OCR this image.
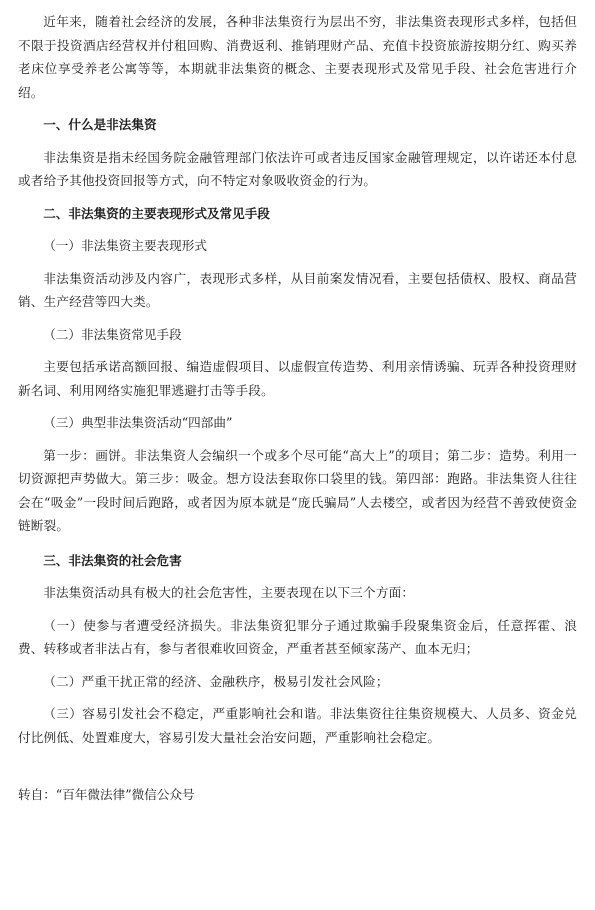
近年来，随着社会经济的发展，各种非法集资行为层出不穷，非法集资表现形式多样，包括但不限于投资酒店经营权并付租回购、消费返利、推销理财产品、充值卡投资旅游按期分红、购买养老床位享受养老公寓等等，本期就非法集资的概念、主要表现形式及常见手段、社会危害进行介绍。

一、什么是非法集资

非法集资是指未经国务院金融管理部门依法许可或者违反国家金融管理规定，以许诺还本付息或者给予其他投资回报等方式，向不特定对象吸收资金的行为。

二、非法集资的主要表现形式及常见手段

（一）非法集资主要表现形式

非法集资活动涉及内容广，表现形式多样，从目前案发情况看，主要包括债权、股权、商品营销、生产经营等四大类。

（二）非法集资常见手段

主要包括承诺高额回报、编造虚假项目、以虚假宣传造势、利用亲情诱骗、玩弄各种投资理财新名词、利用网络实施犯罪逃避打击等手段。

（三）典型非法集资活动“四部曲”

第一步：画饼。非法集资人会编织一个或多个尽可能“高大上”的项目；第二步：造势。利用一切资源把声势做大。第三步：吸金。想方设法套取你口袋里的钱。第四部：跑路。非法集资人往往会在“吸金”一段时间后跑路，或者因为原本就是“庞氏骗局”人去楼空，或者因为经营不善致使资金链断裂。

三、非法集资的社会危害

非法集资活动具有极大的社会危害性，主要表现在以下三个方面：

（一）使参与者遭受经济损失。非法集资犯罪分子通过欺骗手段聚集资金后，任意挥霍、浪费、转移或者非法占有，参与者很难收回资金，严重者甚至倾家荡产、血本无归；

（二）严重干扰正常的经济、金融秩序，极易引发社会风险；

（三）容易引发社会不稳定，严重影响社会和谐。非法集资往往集资规模大、人员多、资金兑付比例低、处置难度大，容易引发大量社会治安问题，严重影响社会稳定。

转自：“百年微法律”微信公众号
